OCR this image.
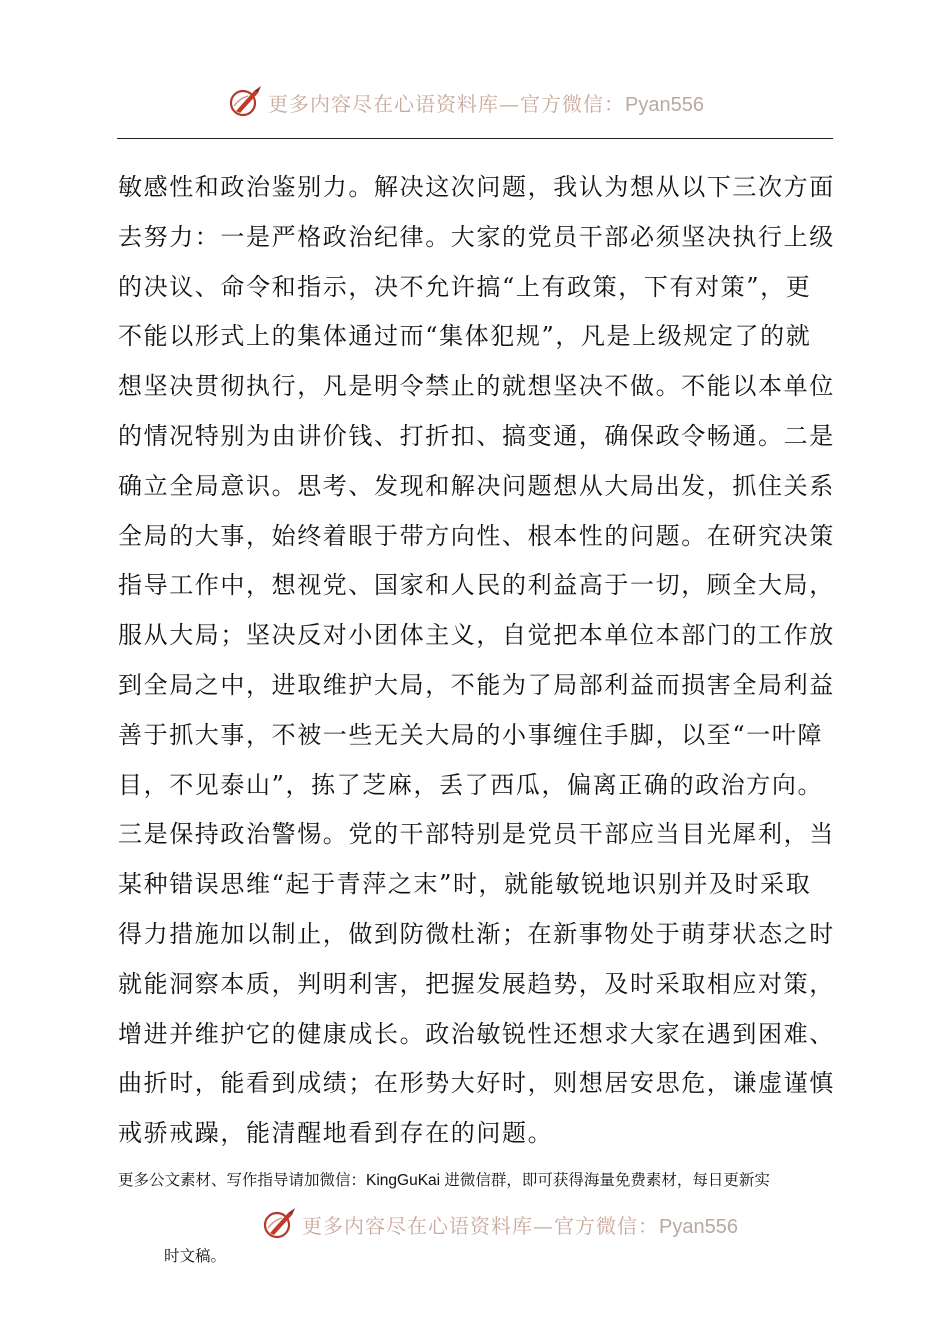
更多内容尽在心语资料库—官方微信：Pyan556
敏感性和政治鉴别力。解决这次问题，我认为想从以下三次方面
去努力：一是严格政治纪律。大家的党员干部必须坚决执行上级
的决议、命令和指示，决不允许搞“上有政策，下有对策”，更
不能以形式上的集体通过而“集体犯规”，凡是上级规定了的就
想坚决贯彻执行，凡是明令禁止的就想坚决不做。不能以本单位
的情况特别为由讲价钱、打折扣、搞变通，确保政令畅通。二是
确立全局意识。思考、发现和解决问题想从大局出发，抓住关系
全局的大事，始终着眼于带方向性、根本性的问题。在研究决策
指导工作中，想视党、国家和人民的利益高于一切，顾全大局，
服从大局；坚决反对小团体主义，自觉把本单位本部门的工作放
到全局之中，进取维护大局，不能为了局部利益而损害全局利益
善于抓大事，不被一些无关大局的小事缠住手脚，以至“一叶障
目，不见泰山”，拣了芝麻，丢了西瓜，偏离正确的政治方向。
三是保持政治警惕。党的干部特别是党员干部应当目光犀利，当
某种错误思维“起于青萍之末”时，就能敏锐地识别并及时采取
得力措施加以制止，做到防微杜渐；在新事物处于萌芽状态之时
就能洞察本质，判明利害，把握发展趋势，及时采取相应对策，
增进并维护它的健康成长。政治敏锐性还想求大家在遇到困难、
曲折时，能看到成绩；在形势大好时，则想居安思危，谦虚谨慎
戒骄戒躁，能清醒地看到存在的问题。
更多公文素材、写作指导请加微信：KingGuKai 进微信群，即可获得海量免费素材，每日更新实
更多内容尽在心语资料库—官方微信：Pyan556
时文稿。
